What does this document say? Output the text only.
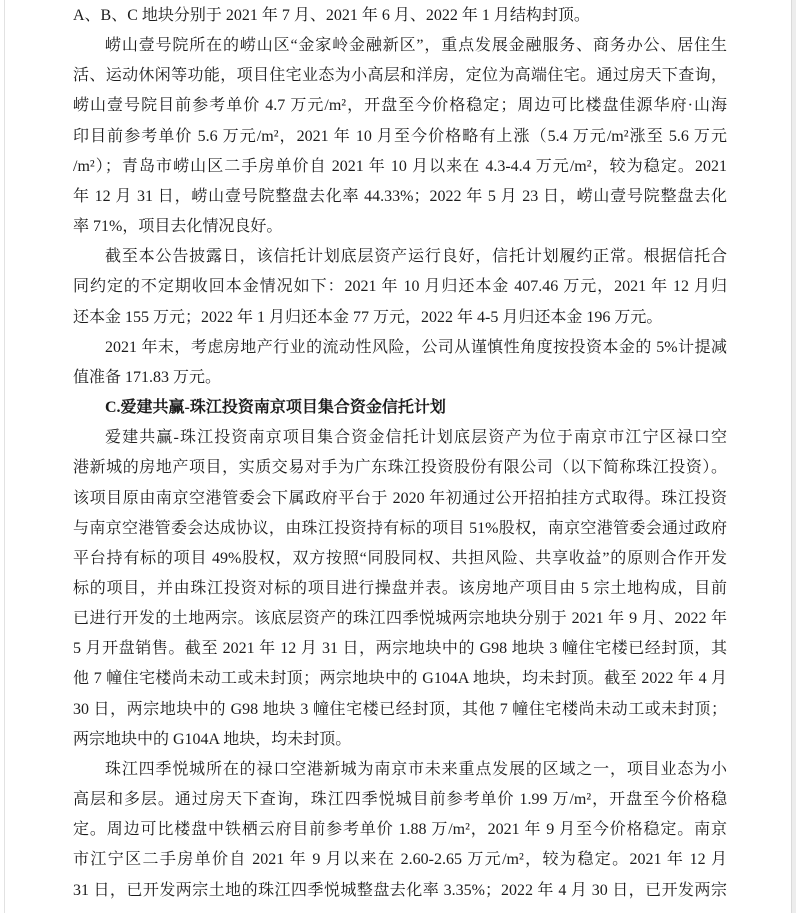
A、B、C 地块分别于 2021 年 7 月、2021 年 6 月、2022 年 1 月结构封顶。
崂山壹号院所在的崂山区“金家岭金融新区”，重点发展金融服务、商务办公、居住生
活、运动休闲等功能，项目住宅业态为小高层和洋房，定位为高端住宅。通过房天下查询，
崂山壹号院目前参考单价 4.7 万元/m²，开盘至今价格稳定；周边可比楼盘佳源华府·山海
印目前参考单价 5.6 万元/m²，2021 年 10 月至今价格略有上涨（5.4 万元/m²涨至 5.6 万元
/m²）；青岛市崂山区二手房单价自 2021 年 10 月以来在 4.3-4.4 万元/m²，较为稳定。2021
年 12 月 31 日，崂山壹号院整盘去化率 44.33%；2022 年 5 月 23 日，崂山壹号院整盘去化
率 71%，项目去化情况良好。
截至本公告披露日，该信托计划底层资产运行良好，信托计划履约正常。根据信托合
同约定的不定期收回本金情况如下：2021 年 10 月归还本金 407.46 万元，2021 年 12 月归
还本金 155 万元；2022 年 1 月归还本金 77 万元，2022 年 4-5 月归还本金 196 万元。
2021 年末，考虑房地产行业的流动性风险，公司从谨慎性角度按投资本金的 5%计提减
值准备 171.83 万元。
C.爱建共赢-珠江投资南京项目集合资金信托计划
爱建共赢-珠江投资南京项目集合资金信托计划底层资产为位于南京市江宁区禄口空
港新城的房地产项目，实质交易对手为广东珠江投资股份有限公司（以下简称珠江投资）。
该项目原由南京空港管委会下属政府平台于 2020 年初通过公开招拍挂方式取得。珠江投资
与南京空港管委会达成协议，由珠江投资持有标的项目 51%股权，南京空港管委会通过政府
平台持有标的项目 49%股权，双方按照“同股同权、共担风险、共享收益”的原则合作开发
标的项目，并由珠江投资对标的项目进行操盘并表。该房地产项目由 5 宗土地构成，目前
已进行开发的土地两宗。该底层资产的珠江四季悦城两宗地块分别于 2021 年 9 月、2022 年
5 月开盘销售。截至 2021 年 12 月 31 日，两宗地块中的 G98 地块 3 幢住宅楼已经封顶，其
他 7 幢住宅楼尚未动工或未封顶；两宗地块中的 G104A 地块，均未封顶。截至 2022 年 4 月
30 日，两宗地块中的 G98 地块 3 幢住宅楼已经封顶，其他 7 幢住宅楼尚未动工或未封顶；
两宗地块中的 G104A 地块，均未封顶。
珠江四季悦城所在的禄口空港新城为南京市未来重点发展的区域之一，项目业态为小
高层和多层。通过房天下查询，珠江四季悦城目前参考单价 1.99 万/m²，开盘至今价格稳
定。周边可比楼盘中铁栖云府目前参考单价 1.88 万/m²，2021 年 9 月至今价格稳定。南京
市江宁区二手房单价自 2021 年 9 月以来在 2.60-2.65 万元/m²，较为稳定。2021 年 12 月
31 日，已开发两宗土地的珠江四季悦城整盘去化率 3.35%；2022 年 4 月 30 日，已开发两宗
